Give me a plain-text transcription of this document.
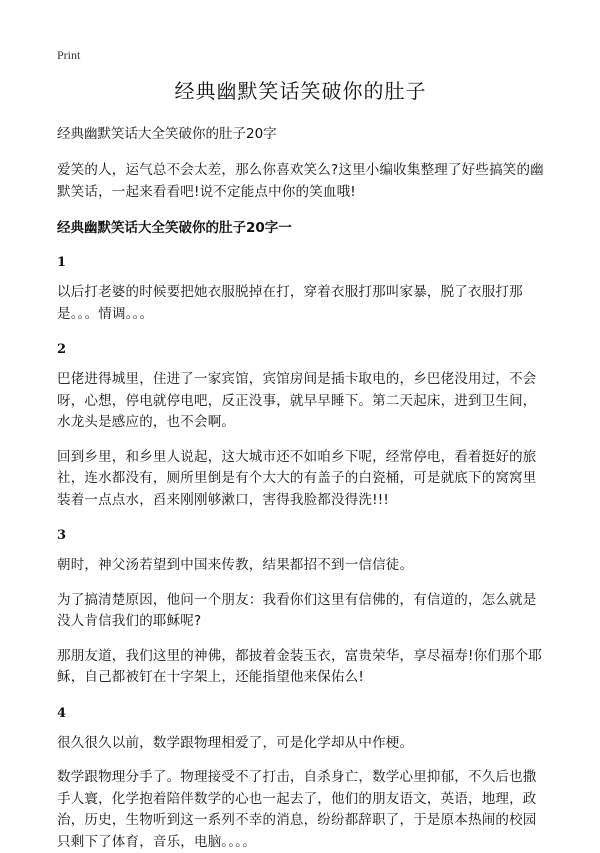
Print
经典幽默笑话笑破你的肚子
经典幽默笑话大全笑破你的肚子20字

爱笑的人，运气总不会太差，那么你喜欢笑么?这里小编收集整理了好些搞笑的幽默笑话，一起来看看吧!说不定能点中你的笑血哦!

经典幽默笑话大全笑破你的肚子20字一
1

以后打老婆的时候要把她衣服脱掉在打，穿着衣服打那叫家暴，脱了衣服打那是。。。情调。。。

2

巴佬进得城里，住进了一家宾馆，宾馆房间是插卡取电的，乡巴佬没用过，不会呀，心想，停电就停电吧，反正没事，就早早睡下。第二天起床，进到卫生间，水龙头是感应的，也不会啊。

回到乡里，和乡里人说起，这大城市还不如咱乡下呢，经常停电，看着挺好的旅社，连水都没有，厕所里倒是有个大大的有盖子的白瓷桶，可是就底下的窝窝里装着一点点水，舀来刚刚够漱口，害得我脸都没得洗!!!

3

朝时，神父汤若望到中国来传教，结果都招不到一信信徒。

为了搞清楚原因，他问一个朋友：我看你们这里有信佛的，有信道的，怎么就是没人肯信我们的耶稣呢?

那朋友道，我们这里的神佛，都披着金装玉衣，富贵荣华，享尽福寿!你们那个耶稣，自己都被钉在十字架上，还能指望他来保佑么!

4

很久很久以前，数学跟物理相爱了，可是化学却从中作梗。

数学跟物理分手了。物理接受不了打击，自杀身亡，数学心里抑郁，不久后也撒手人寰，化学抱着陪伴数学的心也一起去了，他们的朋友语文，英语，地理，政治，历史，生物听到这一系列不幸的消息，纷纷都辞职了，于是原本热闹的校园只剩下了体育，音乐，电脑。。。。
